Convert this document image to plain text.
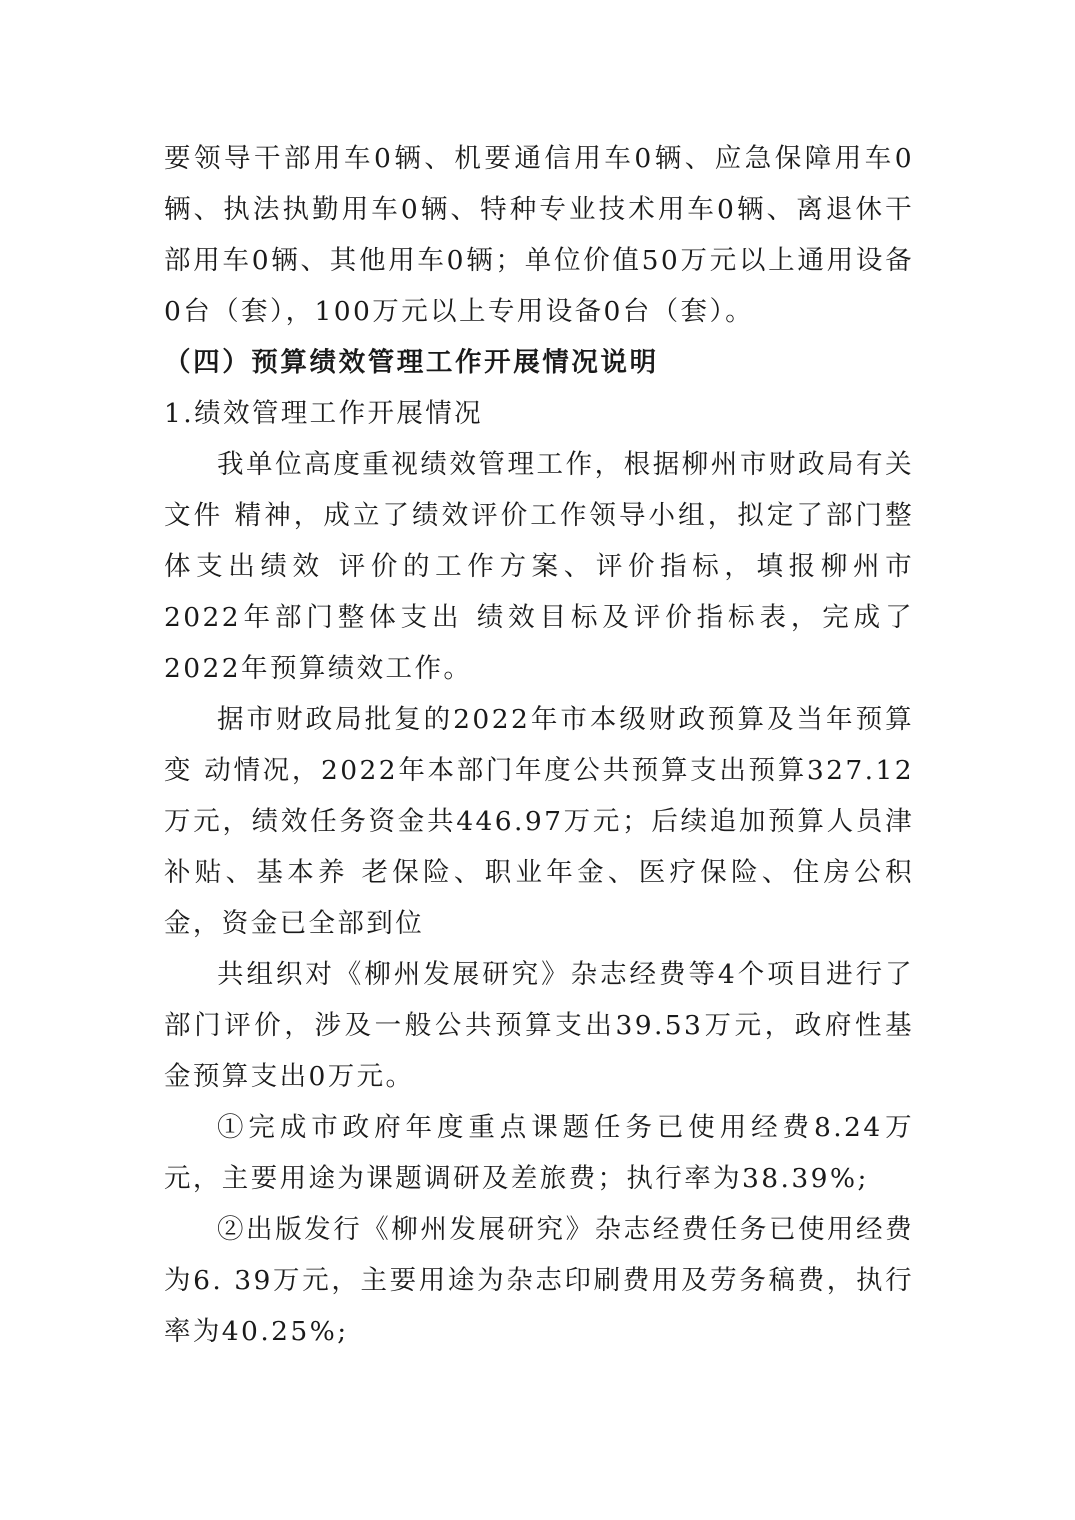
要领导干部用车0辆、机要通信用车0辆、应急保障用车0辆、执法执勤用车0辆、特种专业技术用车0辆、离退休干部用车0辆、其他用车0辆；单位价值50万元以上通用设备0台（套），100万元以上专用设备0台（套）。

（四）预算绩效管理工作开展情况说明

1.绩效管理工作开展情况

我单位高度重视绩效管理工作，根据柳州市财政局有关文件 精神，成立了绩效评价工作领导小组，拟定了部门整体支出绩效 评价的工作方案、评价指标，填报柳州市2022年部门整体支出 绩效目标及评价指标表，完成了2022年预算绩效工作。

据市财政局批复的2022年市本级财政预算及当年预算变 动情况，2022年本部门年度公共预算支出预算327.12万元，绩效任务资金共446.97万元；后续追加预算人员津补贴、基本养 老保险、职业年金、医疗保险、住房公积金，资金已全部到位

共组织对《柳州发展研究》杂志经费等4个项目进行了部门评价，涉及一般公共预算支出39.53万元，政府性基金预算支出0万元。

①完成市政府年度重点课题任务已使用经费8.24万元，主要用途为课题调研及差旅费；执行率为38.39%;

②出版发行《柳州发展研究》杂志经费任务已使用经费为6. 39万元，主要用途为杂志印刷费用及劳务稿费，执行率为40.25%;
